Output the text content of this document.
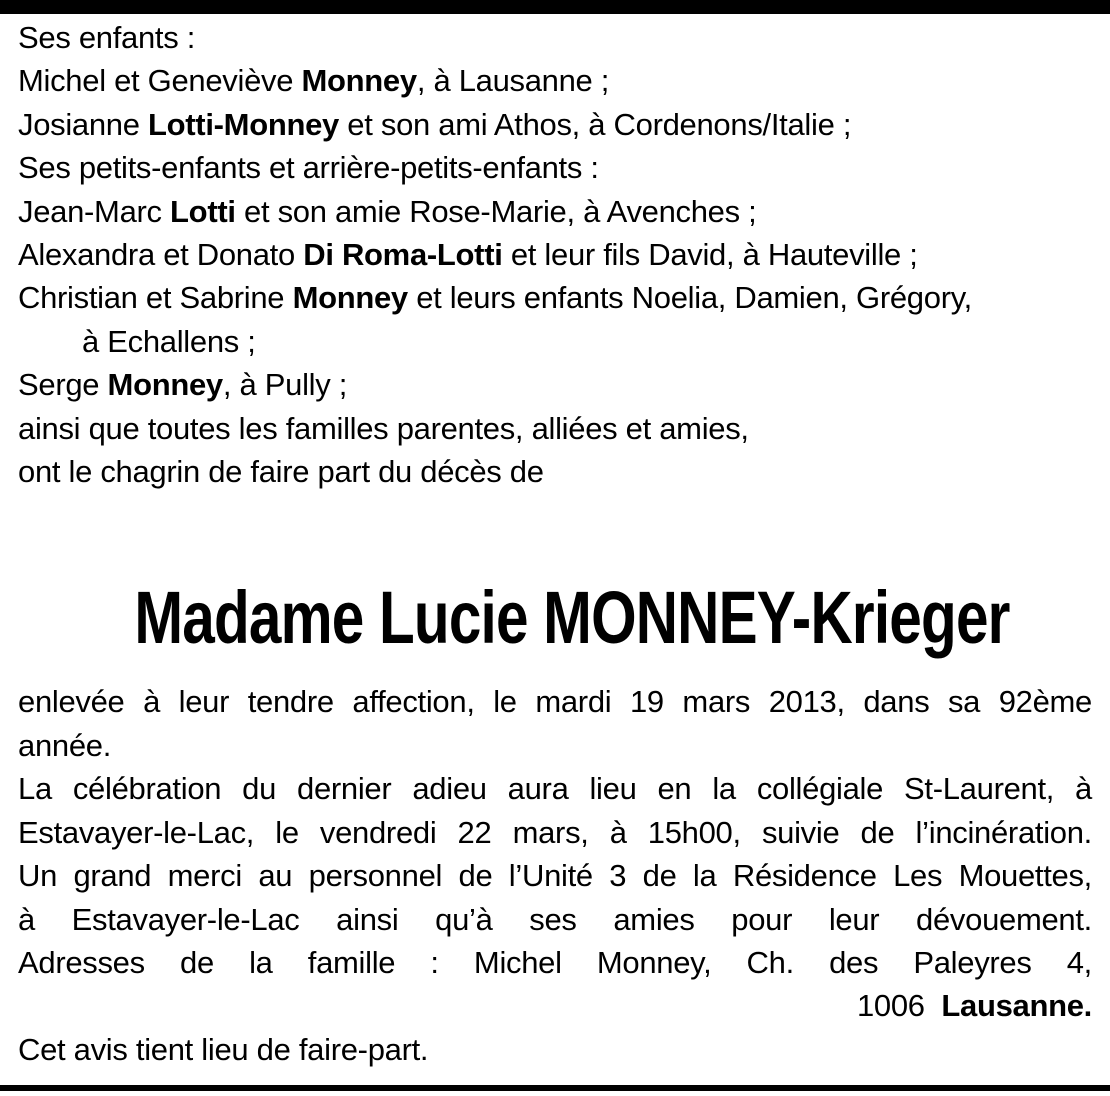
Ses enfants :
Michel et Geneviève Monney, à Lausanne ;
Josianne Lotti-Monney et son ami Athos, à Cordenons/Italie ;
Ses petits-enfants et arrière-petits-enfants :
Jean-Marc Lotti et son amie Rose-Marie, à Avenches ;
Alexandra et Donato Di Roma-Lotti et leur fils David, à Hauteville ;
Christian et Sabrine Monney et leurs enfants Noelia, Damien, Grégory,
à Echallens ;
Serge Monney, à Pully ;
ainsi que toutes les familles parentes, alliées et amies,
ont le chagrin de faire part du décès de
Madame Lucie MONNEY-Krieger
enlevée à leur tendre affection, le mardi 19 mars 2013, dans sa 92ème
année.
La célébration du dernier adieu aura lieu en la collégiale St-Laurent, à
Estavayer-le-Lac, le vendredi 22 mars, à 15h00, suivie de l’incinération.
Un grand merci au personnel de l’Unité 3 de la Résidence Les Mouettes,
à Estavayer-le-Lac ainsi qu’à ses amies pour leur dévouement.
Adresses de la famille : Michel Monney, Ch. des Paleyres 4,
1006  Lausanne.
Cet avis tient lieu de faire-part.
